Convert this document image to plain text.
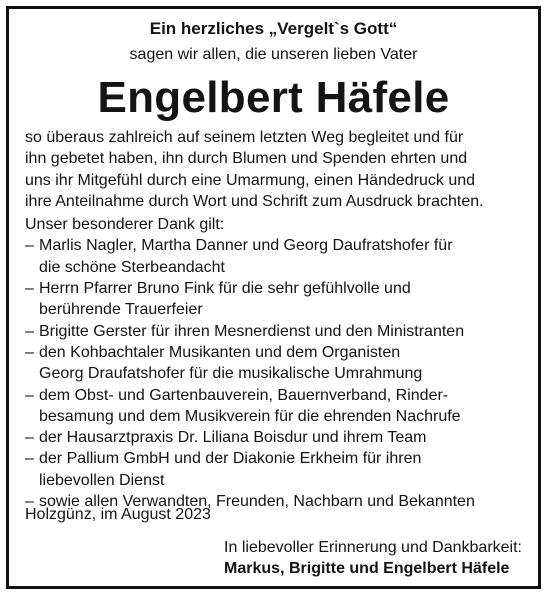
Ein herzliches „Vergelt`s Gott“
sagen wir allen, die unseren lieben Vater
Engelbert Häfele

so überaus zahlreich auf seinem letzten Weg begleitet und für

ihn gebetet haben, ihn durch Blumen und Spenden ehrten und

uns ihr Mitgefühl durch eine Umarmung, einen Händedruck und

ihre Anteilnahme durch Wort und Schrift zum Ausdruck brachten.

Unser besonderer Dank gilt:

– Marlis Nagler, Martha Danner und Georg Daufratshofer für
die schöne Sterbeandacht
– Herrn Pfarrer Bruno Fink für die sehr gefühlvolle und
berührende Trauerfeier
– Brigitte Gerster für ihren Mesnerdienst und den Ministranten
– den Kohbachtaler Musikanten und dem Organisten
Georg Draufatshofer für die musikalische Umrahmung
– dem Obst- und Gartenbauverein, Bauernverband, Rinder-
besamung und dem Musikverein für die ehrenden Nachrufe
– der Hausarztpraxis Dr. Liliana Boisdur und ihrem Team
– der Pallium GmbH und der Diakonie Erkheim für ihren
liebevollen Dienst
– sowie allen Verwandten, Freunden, Nachbarn und Bekannten
Holzgünz, im August 2023
In liebevoller Erinnerung und Dankbarkeit:
Markus, Brigitte und Engelbert Häfele
